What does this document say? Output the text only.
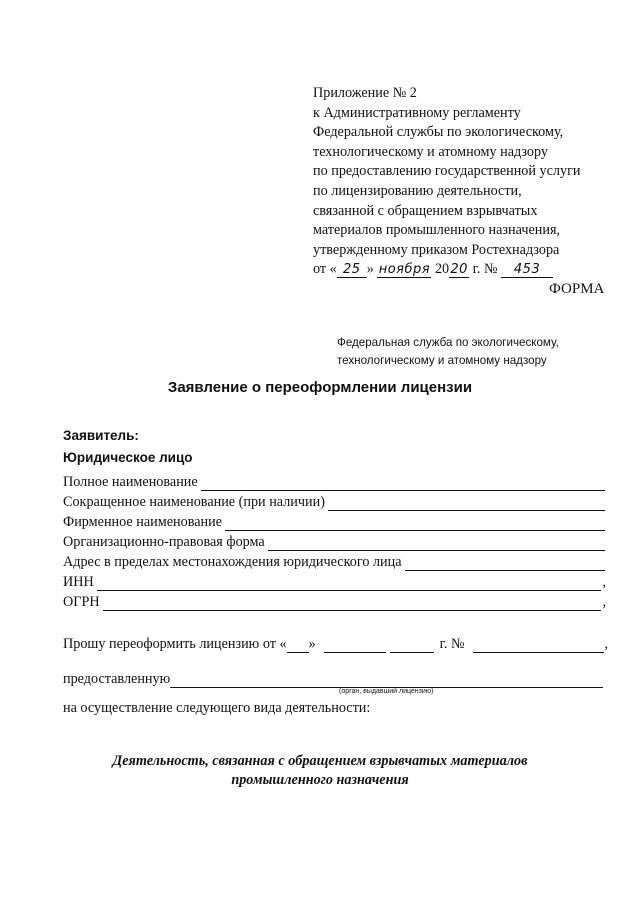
Приложение № 2
к Административному регламенту
Федеральной службы по экологическому,
технологическому и атомному надзору
по предоставлению государственной услуги
по лицензированию деятельности,
связанной с обращением взрывчатых
материалов промышленного назначения,
утвержденному приказом Ростехнадзора
от « 25 » ноября 2020 г. № 453
ФОРМА
Федеральная служба по экологическому,
технологическому и атомному надзору
Заявление о переоформлении лицензии
Заявитель:
Юридическое лицо
Полное наименование
Сокращенное наименование (при наличии)
Фирменное наименование
Организационно-правовая форма
Адрес в пределах местонахождения юридического лица
ИНН	,
ОГРН	,
Прошу переоформить лицензию от « »	г. №	,
предоставленную
(орган, выдавший лицензию)
на осуществление следующего вида деятельности:
Деятельность, связанная с обращением взрывчатых материалов
промышленного назначения
